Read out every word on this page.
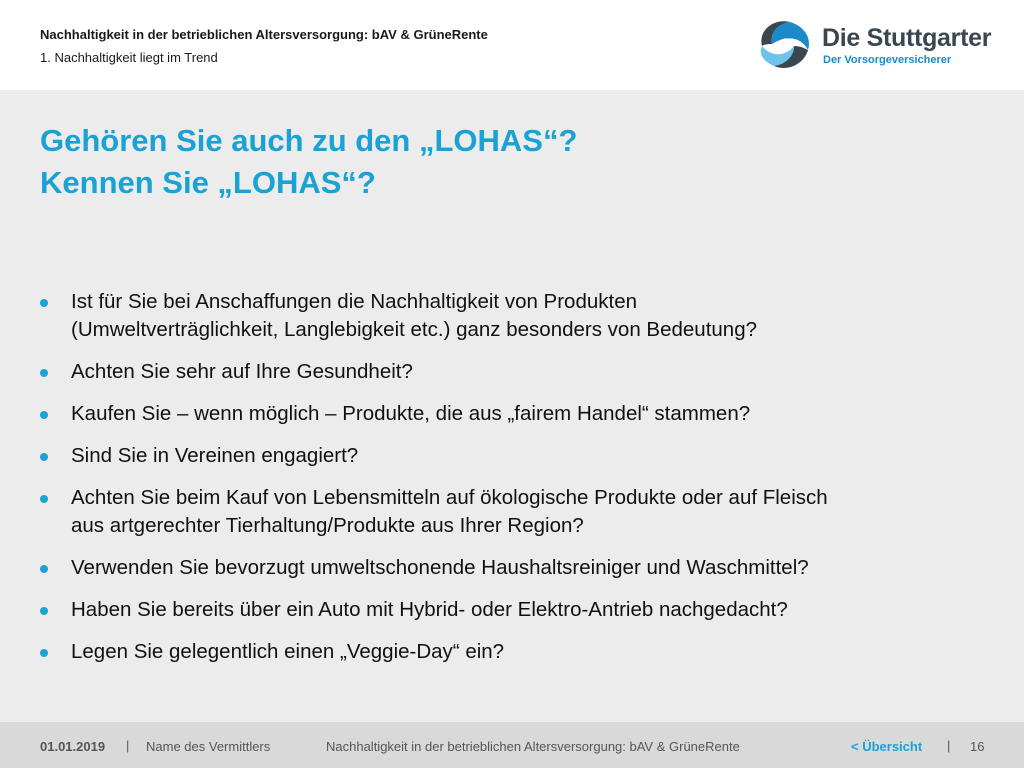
Nachhaltigkeit in der betrieblichen Altersversorgung: bAV & GrüneRente
1. Nachhaltigkeit liegt im Trend
Die Stuttgarter
Der Vorsorgeversicherer
Gehören Sie auch zu den „LOHAS“?
Kennen Sie „LOHAS“?
Ist für Sie bei Anschaffungen die Nachhaltigkeit von Produkten
(Umweltverträglichkeit, Langlebigkeit etc.) ganz besonders von Bedeutung?
Achten Sie sehr auf Ihre Gesundheit?
Kaufen Sie – wenn möglich – Produkte, die aus „fairem Handel“ stammen?
Sind Sie in Vereinen engagiert?
Achten Sie beim Kauf von Lebensmitteln auf ökologische Produkte oder auf Fleisch
aus artgerechter Tierhaltung/Produkte aus Ihrer Region?
Verwenden Sie bevorzugt umweltschonende Haushaltsreiniger und Waschmittel?
Haben Sie bereits über ein Auto mit Hybrid- oder Elektro-Antrieb nachgedacht?
Legen Sie gelegentlich einen „Veggie-Day“ ein?
01.01.2019 | Name des Vermittlers	Nachhaltigkeit in der betrieblichen Altersversorgung: bAV & GrüneRente	< Übersicht | 16
